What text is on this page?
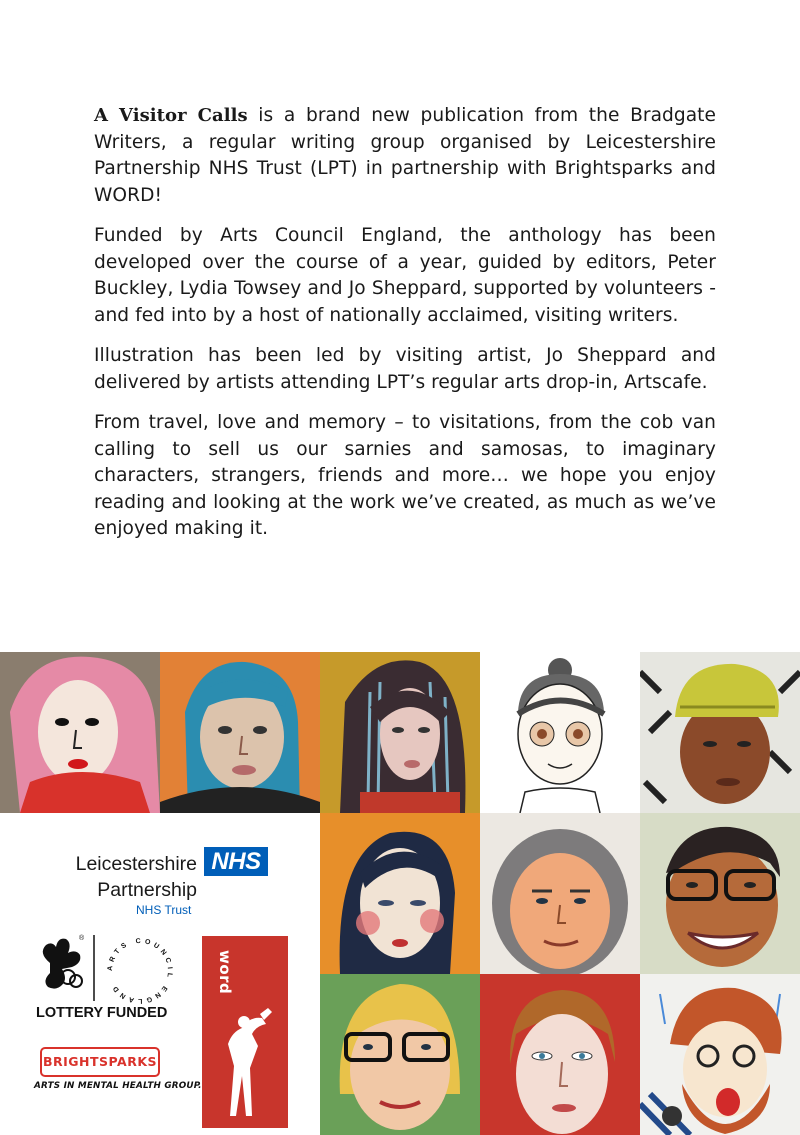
A Visitor Calls is a brand new publication from the Bradgate Writers, a regular writing group organised by Leicestershire Partnership NHS Trust (LPT) in partnership with Brightsparks and WORD!

Funded by Arts Council England, the anthology has been developed over the course of a year, guided by editors, Peter Buckley, Lydia Towsey and Jo Sheppard, supported by volunteers - and fed into by a host of nationally acclaimed, visiting writers.

Illustration has been led by visiting artist, Jo Sheppard and delivered by artists attending LPT’s regular arts drop-in, Artscafe.

From travel, love and memory – to visitations, from the cob van calling to sell us our sarnies and samosas, to imaginary characters, strangers, friends and more… we hope you enjoy reading and looking at the work we’ve created, as much as we’ve enjoyed making it.

Leicestershire
Partnership
NHS
NHS Trust
®
ARTS COUNCIL ENGLAND
LOTTERY FUNDED
BRIGHTSPARKS
ARTS IN MENTAL HEALTH GROUP.
word
